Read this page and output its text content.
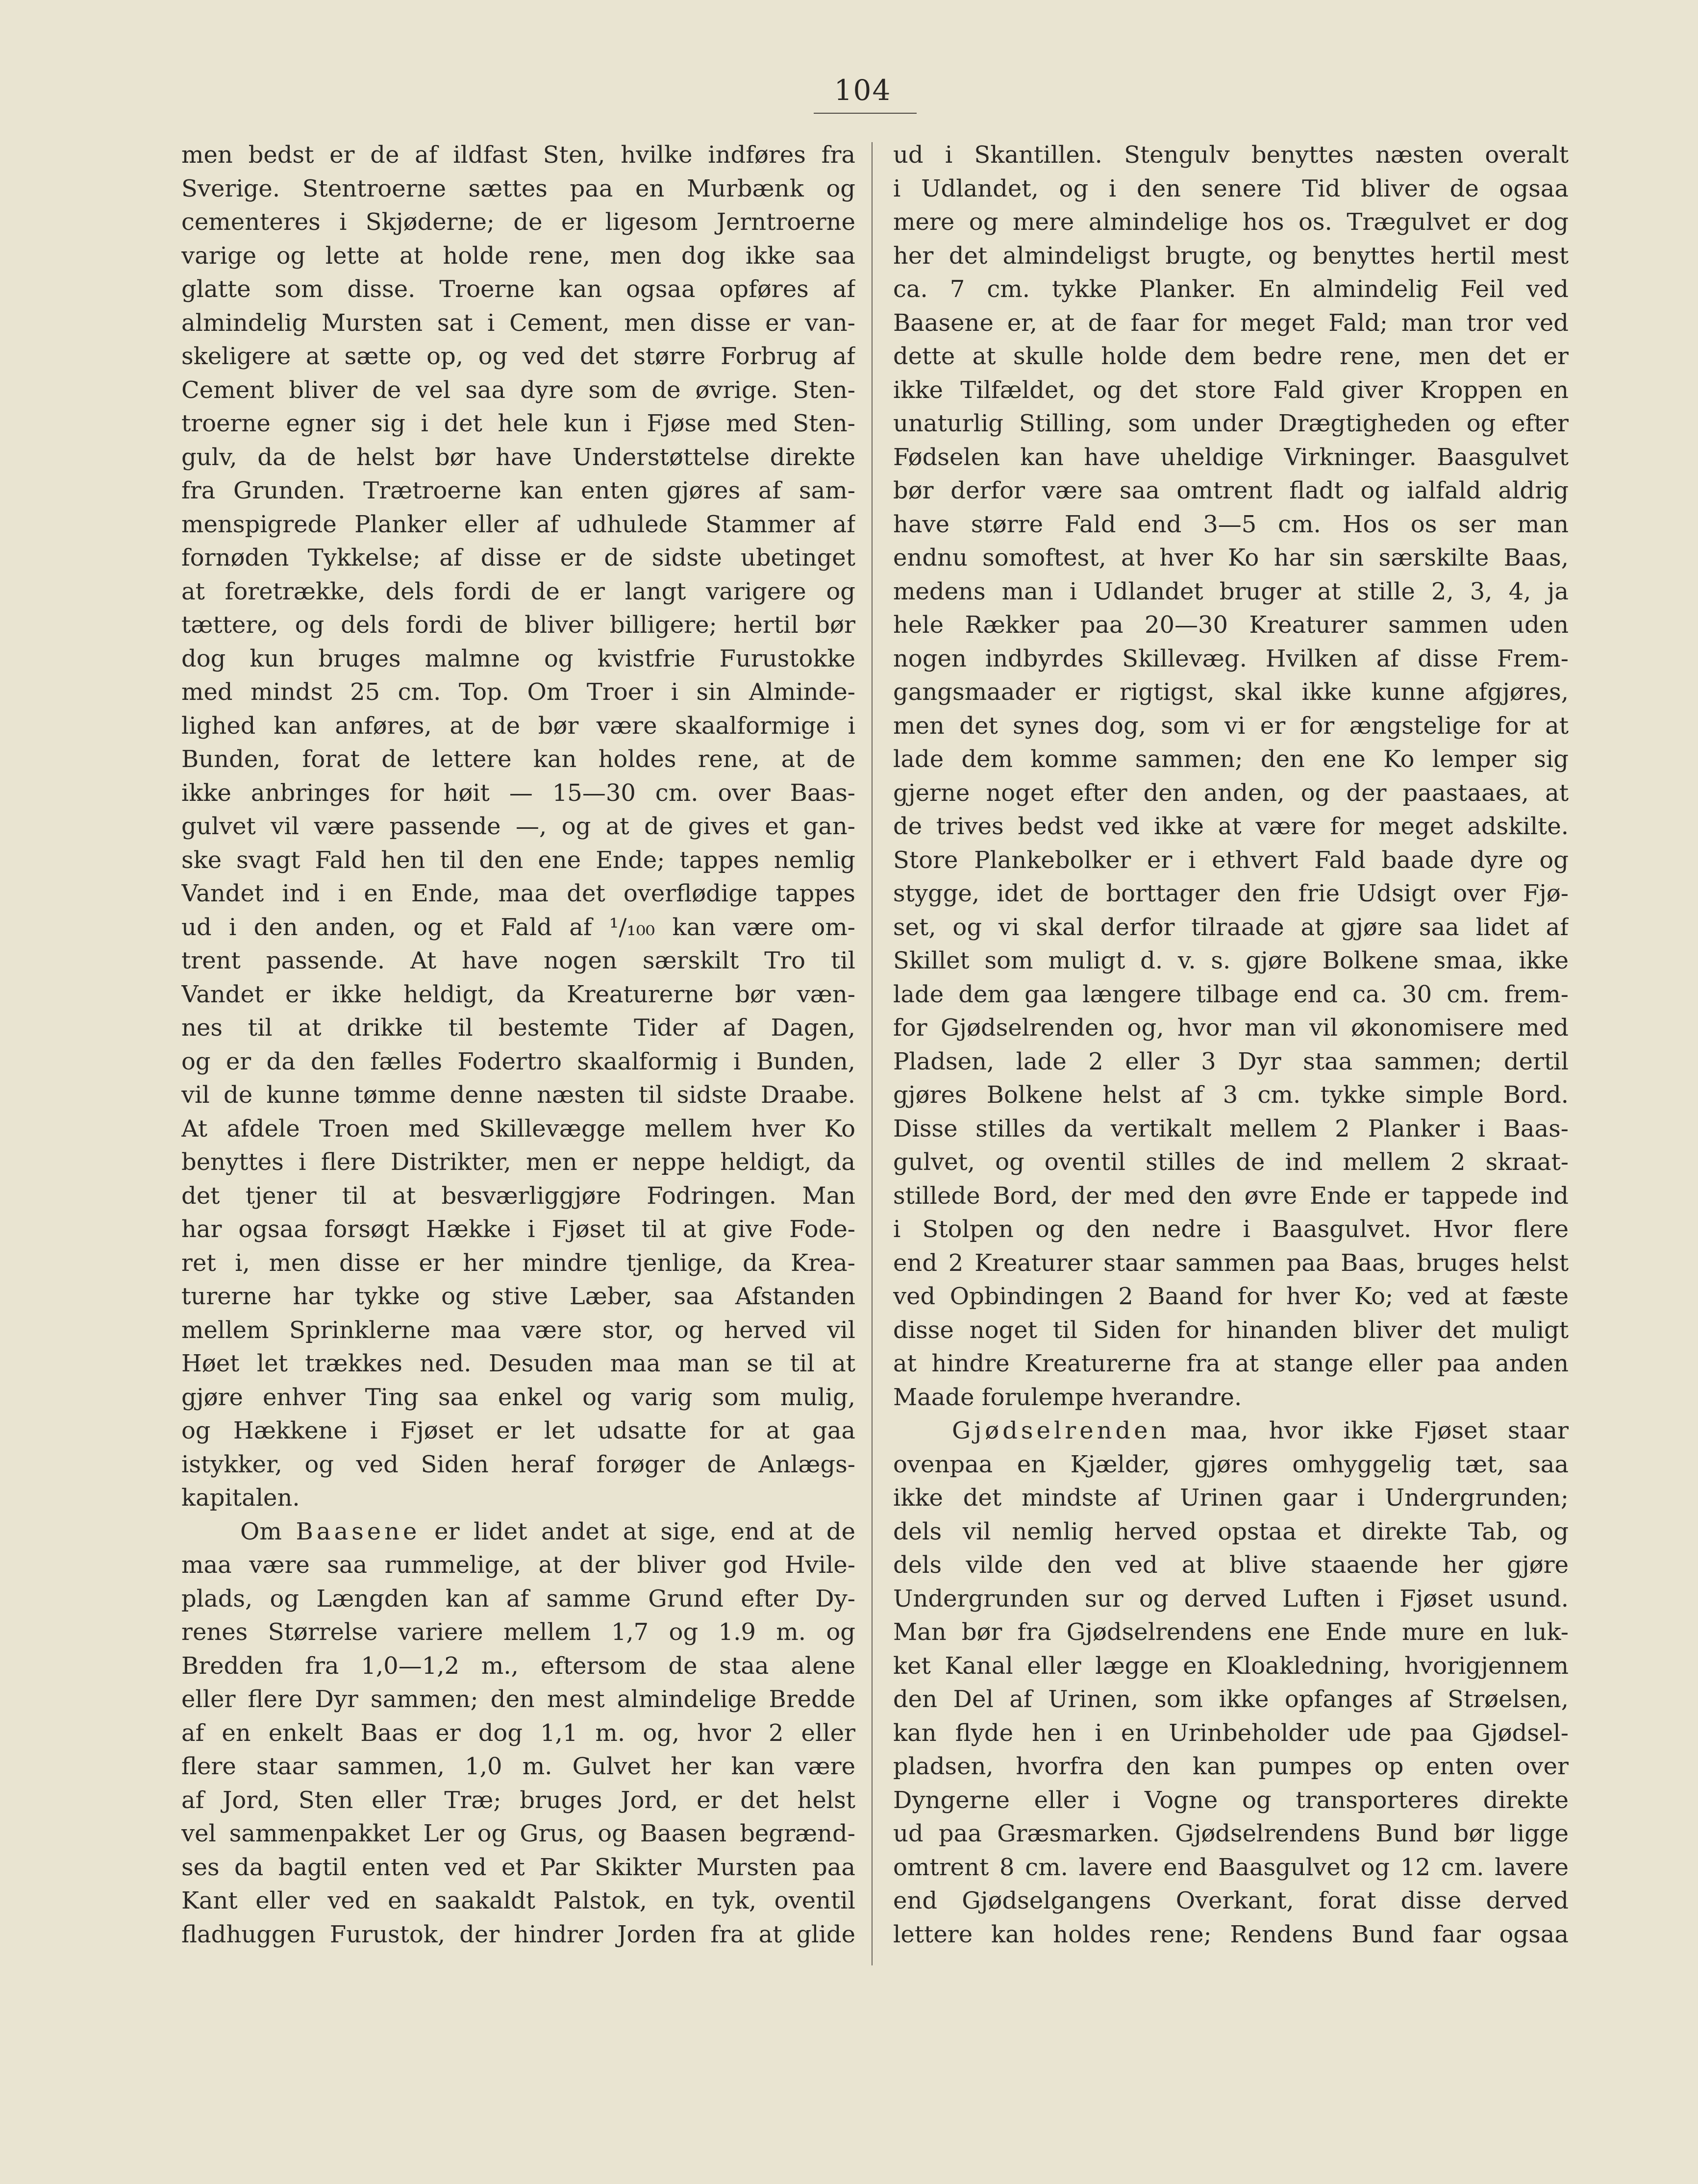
104
men bedst er de af ildfast Sten, hvilke indføres fra
Sverige. Stentroerne sættes paa en Murbænk og
cementeres i Skjøderne; de er ligesom Jerntroerne
varige og lette at holde rene, men dog ikke saa
glatte som disse. Troerne kan ogsaa opføres af
almindelig Mursten sat i Cement, men disse er van-
skeligere at sætte op, og ved det større Forbrug af
Cement bliver de vel saa dyre som de øvrige. Sten-
troerne egner sig i det hele kun i Fjøse med Sten-
gulv, da de helst bør have Understøttelse direkte
fra Grunden. Trætroerne kan enten gjøres af sam-
menspigrede Planker eller af udhulede Stammer af
fornøden Tykkelse; af disse er de sidste ubetinget
at foretrække, dels fordi de er langt varigere og
tættere, og dels fordi de bliver billigere; hertil bør
dog kun bruges malmne og kvistfrie Furustokke
med mindst 25 cm. Top. Om Troer i sin Alminde-
lighed kan anføres, at de bør være skaalformige i
Bunden, forat de lettere kan holdes rene, at de
ikke anbringes for høit — 15—30 cm. over Baas-
gulvet vil være passende —, og at de gives et gan-
ske svagt Fald hen til den ene Ende; tappes nemlig
Vandet ind i en Ende, maa det overflødige tappes
ud i den anden, og et Fald af ¹/₁₀₀ kan være om-
trent passende. At have nogen særskilt Tro til
Vandet er ikke heldigt, da Kreaturerne bør væn-
nes til at drikke til bestemte Tider af Dagen,
og er da den fælles Fodertro skaalformig i Bunden,
vil de kunne tømme denne næsten til sidste Draabe.
At afdele Troen med Skillevægge mellem hver Ko
benyttes i flere Distrikter, men er neppe heldigt, da
det tjener til at besværliggjøre Fodringen. Man
har ogsaa forsøgt Hække i Fjøset til at give Fode-
ret i, men disse er her mindre tjenlige, da Krea-
turerne har tykke og stive Læber, saa Afstanden
mellem Sprinklerne maa være stor, og herved vil
Høet let trækkes ned. Desuden maa man se til at
gjøre enhver Ting saa enkel og varig som mulig,
og Hækkene i Fjøset er let udsatte for at gaa
istykker, og ved Siden heraf forøger de Anlægs-
kapitalen.
Om Baasene er lidet andet at sige, end at de
maa være saa rummelige, at der bliver god Hvile-
plads, og Længden kan af samme Grund efter Dy-
renes Størrelse variere mellem 1,7 og 1.9 m. og
Bredden fra 1,0—1,2 m., eftersom de staa alene
eller flere Dyr sammen; den mest almindelige Bredde
af en enkelt Baas er dog 1,1 m. og, hvor 2 eller
flere staar sammen, 1,0 m. Gulvet her kan være
af Jord, Sten eller Træ; bruges Jord, er det helst
vel sammenpakket Ler og Grus, og Baasen begrænd-
ses da bagtil enten ved et Par Skikter Mursten paa
Kant eller ved en saakaldt Palstok, en tyk, oventil
fladhuggen Furustok, der hindrer Jorden fra at glide
ud i Skantillen. Stengulv benyttes næsten overalt
i Udlandet, og i den senere Tid bliver de ogsaa
mere og mere almindelige hos os. Trægulvet er dog
her det almindeligst brugte, og benyttes hertil mest
ca. 7 cm. tykke Planker. En almindelig Feil ved
Baasene er, at de faar for meget Fald; man tror ved
dette at skulle holde dem bedre rene, men det er
ikke Tilfældet, og det store Fald giver Kroppen en
unaturlig Stilling, som under Drægtigheden og efter
Fødselen kan have uheldige Virkninger. Baasgulvet
bør derfor være saa omtrent fladt og ialfald aldrig
have større Fald end 3—5 cm. Hos os ser man
endnu somoftest, at hver Ko har sin særskilte Baas,
medens man i Udlandet bruger at stille 2, 3, 4, ja
hele Rækker paa 20—30 Kreaturer sammen uden
nogen indbyrdes Skillevæg. Hvilken af disse Frem-
gangsmaader er rigtigst, skal ikke kunne afgjøres,
men det synes dog, som vi er for ængstelige for at
lade dem komme sammen; den ene Ko lemper sig
gjerne noget efter den anden, og der paastaaes, at
de trives bedst ved ikke at være for meget adskilte.
Store Plankebolker er i ethvert Fald baade dyre og
stygge, idet de borttager den frie Udsigt over Fjø-
set, og vi skal derfor tilraade at gjøre saa lidet af
Skillet som muligt d. v. s. gjøre Bolkene smaa, ikke
lade dem gaa længere tilbage end ca. 30 cm. frem-
for Gjødselrenden og, hvor man vil økonomisere med
Pladsen, lade 2 eller 3 Dyr staa sammen; dertil
gjøres Bolkene helst af 3 cm. tykke simple Bord.
Disse stilles da vertikalt mellem 2 Planker i Baas-
gulvet, og oventil stilles de ind mellem 2 skraat-
stillede Bord, der med den øvre Ende er tappede ind
i Stolpen og den nedre i Baasgulvet. Hvor flere
end 2 Kreaturer staar sammen paa Baas, bruges helst
ved Opbindingen 2 Baand for hver Ko; ved at fæste
disse noget til Siden for hinanden bliver det muligt
at hindre Kreaturerne fra at stange eller paa anden
Maade forulempe hverandre.
Gjødselrenden maa, hvor ikke Fjøset staar
ovenpaa en Kjælder, gjøres omhyggelig tæt, saa
ikke det mindste af Urinen gaar i Undergrunden;
dels vil nemlig herved opstaa et direkte Tab, og
dels vilde den ved at blive staaende her gjøre
Undergrunden sur og derved Luften i Fjøset usund.
Man bør fra Gjødselrendens ene Ende mure en luk-
ket Kanal eller lægge en Kloakledning, hvorigjennem
den Del af Urinen, som ikke opfanges af Strøelsen,
kan flyde hen i en Urinbeholder ude paa Gjødsel-
pladsen, hvorfra den kan pumpes op enten over
Dyngerne eller i Vogne og transporteres direkte
ud paa Græsmarken. Gjødselrendens Bund bør ligge
omtrent 8 cm. lavere end Baasgulvet og 12 cm. lavere
end Gjødselgangens Overkant, forat disse derved
lettere kan holdes rene; Rendens Bund faar ogsaa
